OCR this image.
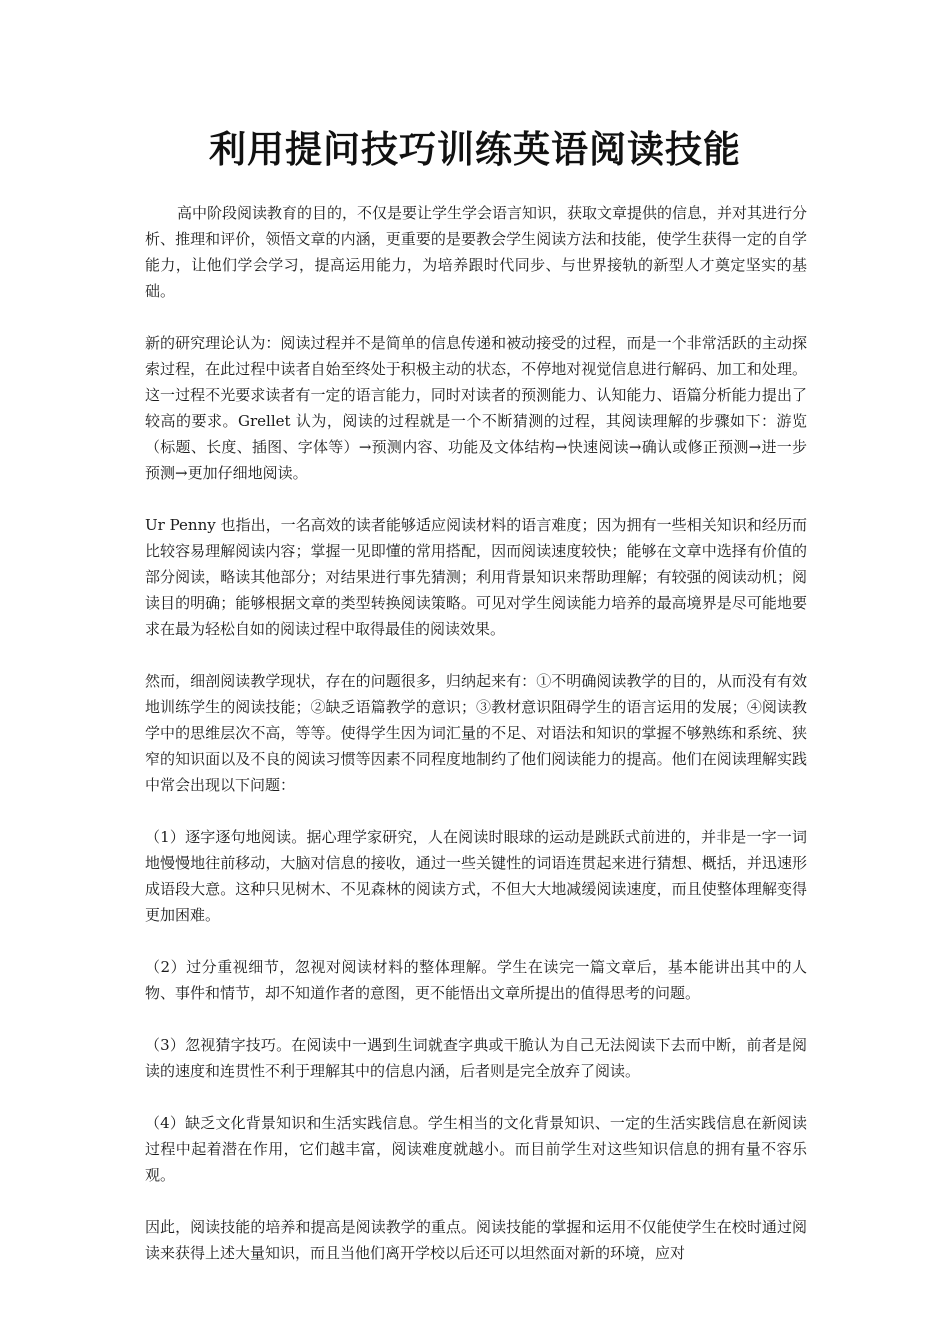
利用提问技巧训练英语阅读技能

高中阶段阅读教育的目的，不仅是要让学生学会语言知识，获取文章提供的信息，并对其进行分析、推理和评价，领悟文章的内涵，更重要的是要教会学生阅读方法和技能，使学生获得一定的自学能力，让他们学会学习，提高运用能力，为培养跟时代同步、与世界接轨的新型人才奠定坚实的基础。

新的研究理论认为：阅读过程并不是简单的信息传递和被动接受的过程，而是一个非常活跃的主动探索过程，在此过程中读者自始至终处于积极主动的状态，不停地对视觉信息进行解码、加工和处理。这一过程不光要求读者有一定的语言能力，同时对读者的预测能力、认知能力、语篇分析能力提出了较高的要求。Grellet 认为，阅读的过程就是一个不断猜测的过程，其阅读理解的步骤如下：游览（标题、长度、插图、字体等）→预测内容、功能及文体结构→快速阅读→确认或修正预测→进一步预测→更加仔细地阅读。

Ur Penny 也指出，一名高效的读者能够适应阅读材料的语言难度；因为拥有一些相关知识和经历而比较容易理解阅读内容；掌握一见即懂的常用搭配，因而阅读速度较快；能够在文章中选择有价值的部分阅读，略读其他部分；对结果进行事先猜测；利用背景知识来帮助理解；有较强的阅读动机；阅读目的明确；能够根据文章的类型转换阅读策略。可见对学生阅读能力培养的最高境界是尽可能地要求在最为轻松自如的阅读过程中取得最佳的阅读效果。

然而，细剖阅读教学现状，存在的问题很多，归纳起来有：①不明确阅读教学的目的，从而没有有效地训练学生的阅读技能；②缺乏语篇教学的意识；③教材意识阻碍学生的语言运用的发展；④阅读教学中的思维层次不高，等等。使得学生因为词汇量的不足、对语法和知识的掌握不够熟练和系统、狭窄的知识面以及不良的阅读习惯等因素不同程度地制约了他们阅读能力的提高。他们在阅读理解实践中常会出现以下问题：

（1）逐字逐句地阅读。据心理学家研究，人在阅读时眼球的运动是跳跃式前进的，并非是一字一词地慢慢地往前移动，大脑对信息的接收，通过一些关键性的词语连贯起来进行猜想、概括，并迅速形成语段大意。这种只见树木、不见森林的阅读方式，不但大大地减缓阅读速度，而且使整体理解变得更加困难。

（2）过分重视细节，忽视对阅读材料的整体理解。学生在读完一篇文章后，基本能讲出其中的人物、事件和情节，却不知道作者的意图，更不能悟出文章所提出的值得思考的问题。

（3）忽视猜字技巧。在阅读中一遇到生词就查字典或干脆认为自己无法阅读下去而中断，前者是阅读的速度和连贯性不利于理解其中的信息内涵，后者则是完全放弃了阅读。

（4）缺乏文化背景知识和生活实践信息。学生相当的文化背景知识、一定的生活实践信息在新阅读过程中起着潜在作用，它们越丰富，阅读难度就越小。而目前学生对这些知识信息的拥有量不容乐观。

因此，阅读技能的培养和提高是阅读教学的重点。阅读技能的掌握和运用不仅能使学生在校时通过阅读来获得上述大量知识，而且当他们离开学校以后还可以坦然面对新的环境，应对
